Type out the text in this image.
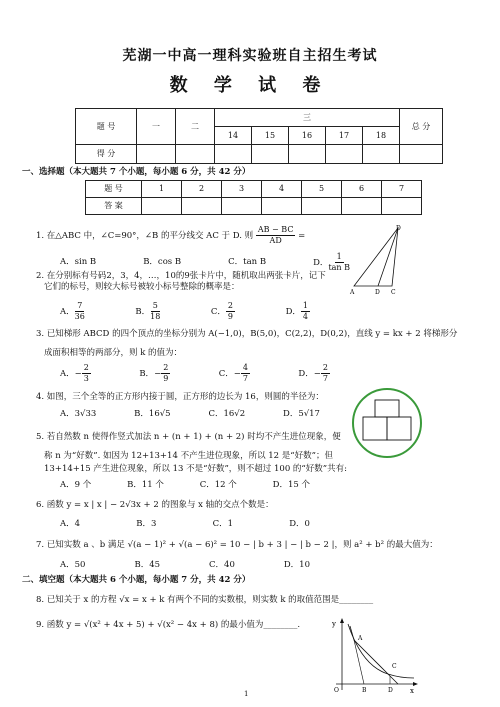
芜湖一中高一理科实验班自主招生考试
数 学 试 卷
题 号	一	二	三					总 分
			14	15	16	17	18	
得 分								
一、选择题（本大题共 7 个小题，每小题 6 分，共 42 分）
题 号	1	2	3	4	5	6	7
答 案							
1. 在△ABC 中，∠C=90°，∠B 的平分线交 AC 于 D. 则 $\frac{AB - BC}{AD}$ =
A．sin B	B．cos B	C．tan B	D． $\frac{1}{\text{tan B}}$
D
A	D C
2. 在分别标有号码2，3，4，…，10的9张卡片中，随机取出两张卡片，记下
它们的标号，则较大标号被较小标号整除的概率是：
A． $\frac{7}{36}$	B． $\frac{5}{18}$	C． $\frac{2}{9}$	D． $\frac{1}{4}$
3. 已知梯形 ABCD 的四个顶点的坐标分别为 A(−1,0)，B(5,0)，C(2,2)，D(0,2)，直线 y = kx + 2 将梯形分
成面积相等的两部分，则 k 的值为：
A．− $\frac{2}{3}$	B．− $\frac{2}{9}$	C．− $\frac{4}{7}$	D．− $\frac{2}{7}$
4. 如图，三个全等的正方形内接于圆，正方形的边长为 16，则圆的半径为：
A．3√33	B．16√5	C．16√2	D．5√17
5. 若自然数 n 使得作竖式加法 n + (n + 1) + (n + 2) 时均不产生进位现象，便
称 n 为“好数”. 如因为 12+13+14 不产生进位现象，所以 12 是“好数”；但
13+14+15 产生进位现象，所以 13 不是“好数”，则不超过 100 的“好数”共有:
A．9 个	B．11 个	C．12 个	D．15 个
6. 函数 y = x | x | − 2√3x + 2 的图象与 x 轴的交点个数是：
A．4	B．3	C．1	D．0
7. 已知实数 a 、b 满足 √(a − 1)² + √(a − 6)² = 10 − | b + 3 | − | b − 2 |，则 a² + b² 的最大值为：
A．50	B．45	C．40	D．10
二、填空题（本大题共 6 个小题，每小题 7 分，共 42 分）
8. 已知关于 x 的方程 √x = x + k 有两个不同的实数根，则实数 k 的取值范围是________
9. 函数 y = √(x² + 4x + 5) + √(x² − 4x + 8) 的最小值为________.	y
A
C
O	B	D x
1
